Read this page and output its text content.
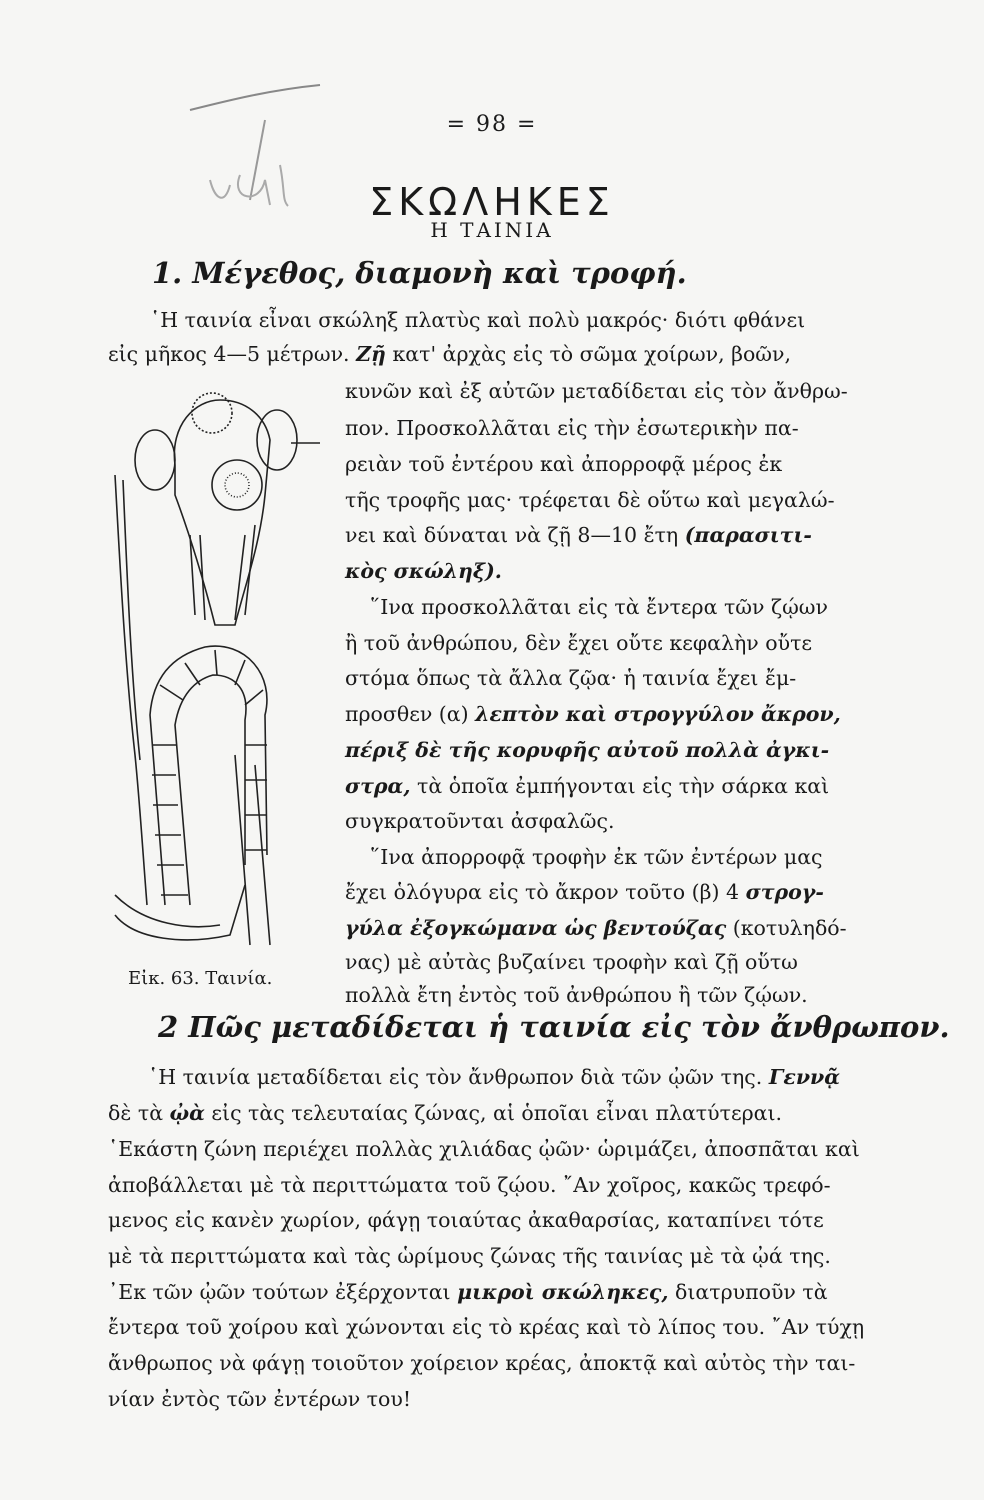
= 98 =
ΣΚΩΛΗΚΕΣ
Η ΤΑΙΝΙΑ
1. Μέγεθος, διαμονὴ καὶ τροφή.
῾Η ταινία εἶναι σκώληξ πλατὺς καὶ πολὺ μακρός· διότι φθάνει
εἰς μῆκος 4—5 μέτρων. Ζῇ κατ' ἀρχὰς εἰς τὸ σῶμα χοίρων, βοῶν,
κυνῶν καὶ ἐξ αὐτῶν μεταδίδεται εἰς τὸν ἄνθρω-
πον. Προσκολλᾶται εἰς τὴν ἐσωτερικὴν πα-
ρειὰν τοῦ ἐντέρου καὶ ἀπορροφᾷ μέρος ἐκ
τῆς τροφῆς μας· τρέφεται δὲ οὕτω καὶ μεγαλώ-
νει καὶ δύναται νὰ ζῇ 8—10 ἔτη (παρασιτι-
κὸς σκώληξ).
῞Ινα προσκολλᾶται εἰς τὰ ἔντερα τῶν ζῴων
ἢ τοῦ ἀνθρώπου, δὲν ἔχει οὔτε κεφαλὴν οὔτε
στόμα ὅπως τὰ ἄλλα ζῷα· ἡ ταινία ἔχει ἔμ-
προσθεν (α) λεπτὸν καὶ στρογγύλον ἄκρον,
πέριξ δὲ τῆς κορυφῆς αὐτοῦ πολλὰ ἀγκι-
στρα, τὰ ὁποῖα ἐμπήγονται εἰς τὴν σάρκα καὶ
συγκρατοῦνται ἀσφαλῶς.
῞Ινα ἀπορροφᾷ τροφὴν ἐκ τῶν ἐντέρων μας
ἔχει ὁλόγυρα εἰς τὸ ἄκρον τοῦτο (β) 4 στρογ-
γύλα ἐξογκώμανα ὡς βεντούζας (κοτυληδό-
νας) μὲ αὐτὰς βυζαίνει τροφὴν καὶ ζῇ οὕτω
πολλὰ ἔτη ἐντὸς τοῦ ἀνθρώπου ἢ τῶν ζῴων.
Εἰκ. 63. Ταινία.
2 Πῶς μεταδίδεται ἡ ταινία εἰς τὸν ἄνθρωπον.
῾Η ταινία μεταδίδεται εἰς τὸν ἄνθρωπον διὰ τῶν ᾠῶν της. Γεννᾷ
δὲ τὰ ᾠὰ εἰς τὰς τελευταίας ζώνας, αἱ ὁποῖαι εἶναι πλατύτεραι.
῾Εκάστη ζώνη περιέχει πολλὰς χιλιάδας ᾠῶν· ὡριμάζει, ἀποσπᾶται καὶ
ἀποβάλλεται μὲ τὰ περιττώματα τοῦ ζῴου. ῎Αν χοῖρος, κακῶς τρεφό-
μενος εἰς κανὲν χωρίον, φάγῃ τοιαύτας ἀκαθαρσίας, καταπίνει τότε
μὲ τὰ περιττώματα καὶ τὰς ὡρίμους ζώνας τῆς ταινίας μὲ τὰ ᾠά της.
᾿Εκ τῶν ᾠῶν τούτων ἐξέρχονται μικροὶ σκώληκες, διατρυποῦν τὰ
ἔντερα τοῦ χοίρου καὶ χώνονται εἰς τὸ κρέας καὶ τὸ λίπος του. ῎Αν τύχῃ
ἄνθρωπος νὰ φάγῃ τοιοῦτον χοίρειον κρέας, ἀποκτᾷ καὶ αὐτὸς τὴν ται-
νίαν ἐντὸς τῶν ἐντέρων του!
